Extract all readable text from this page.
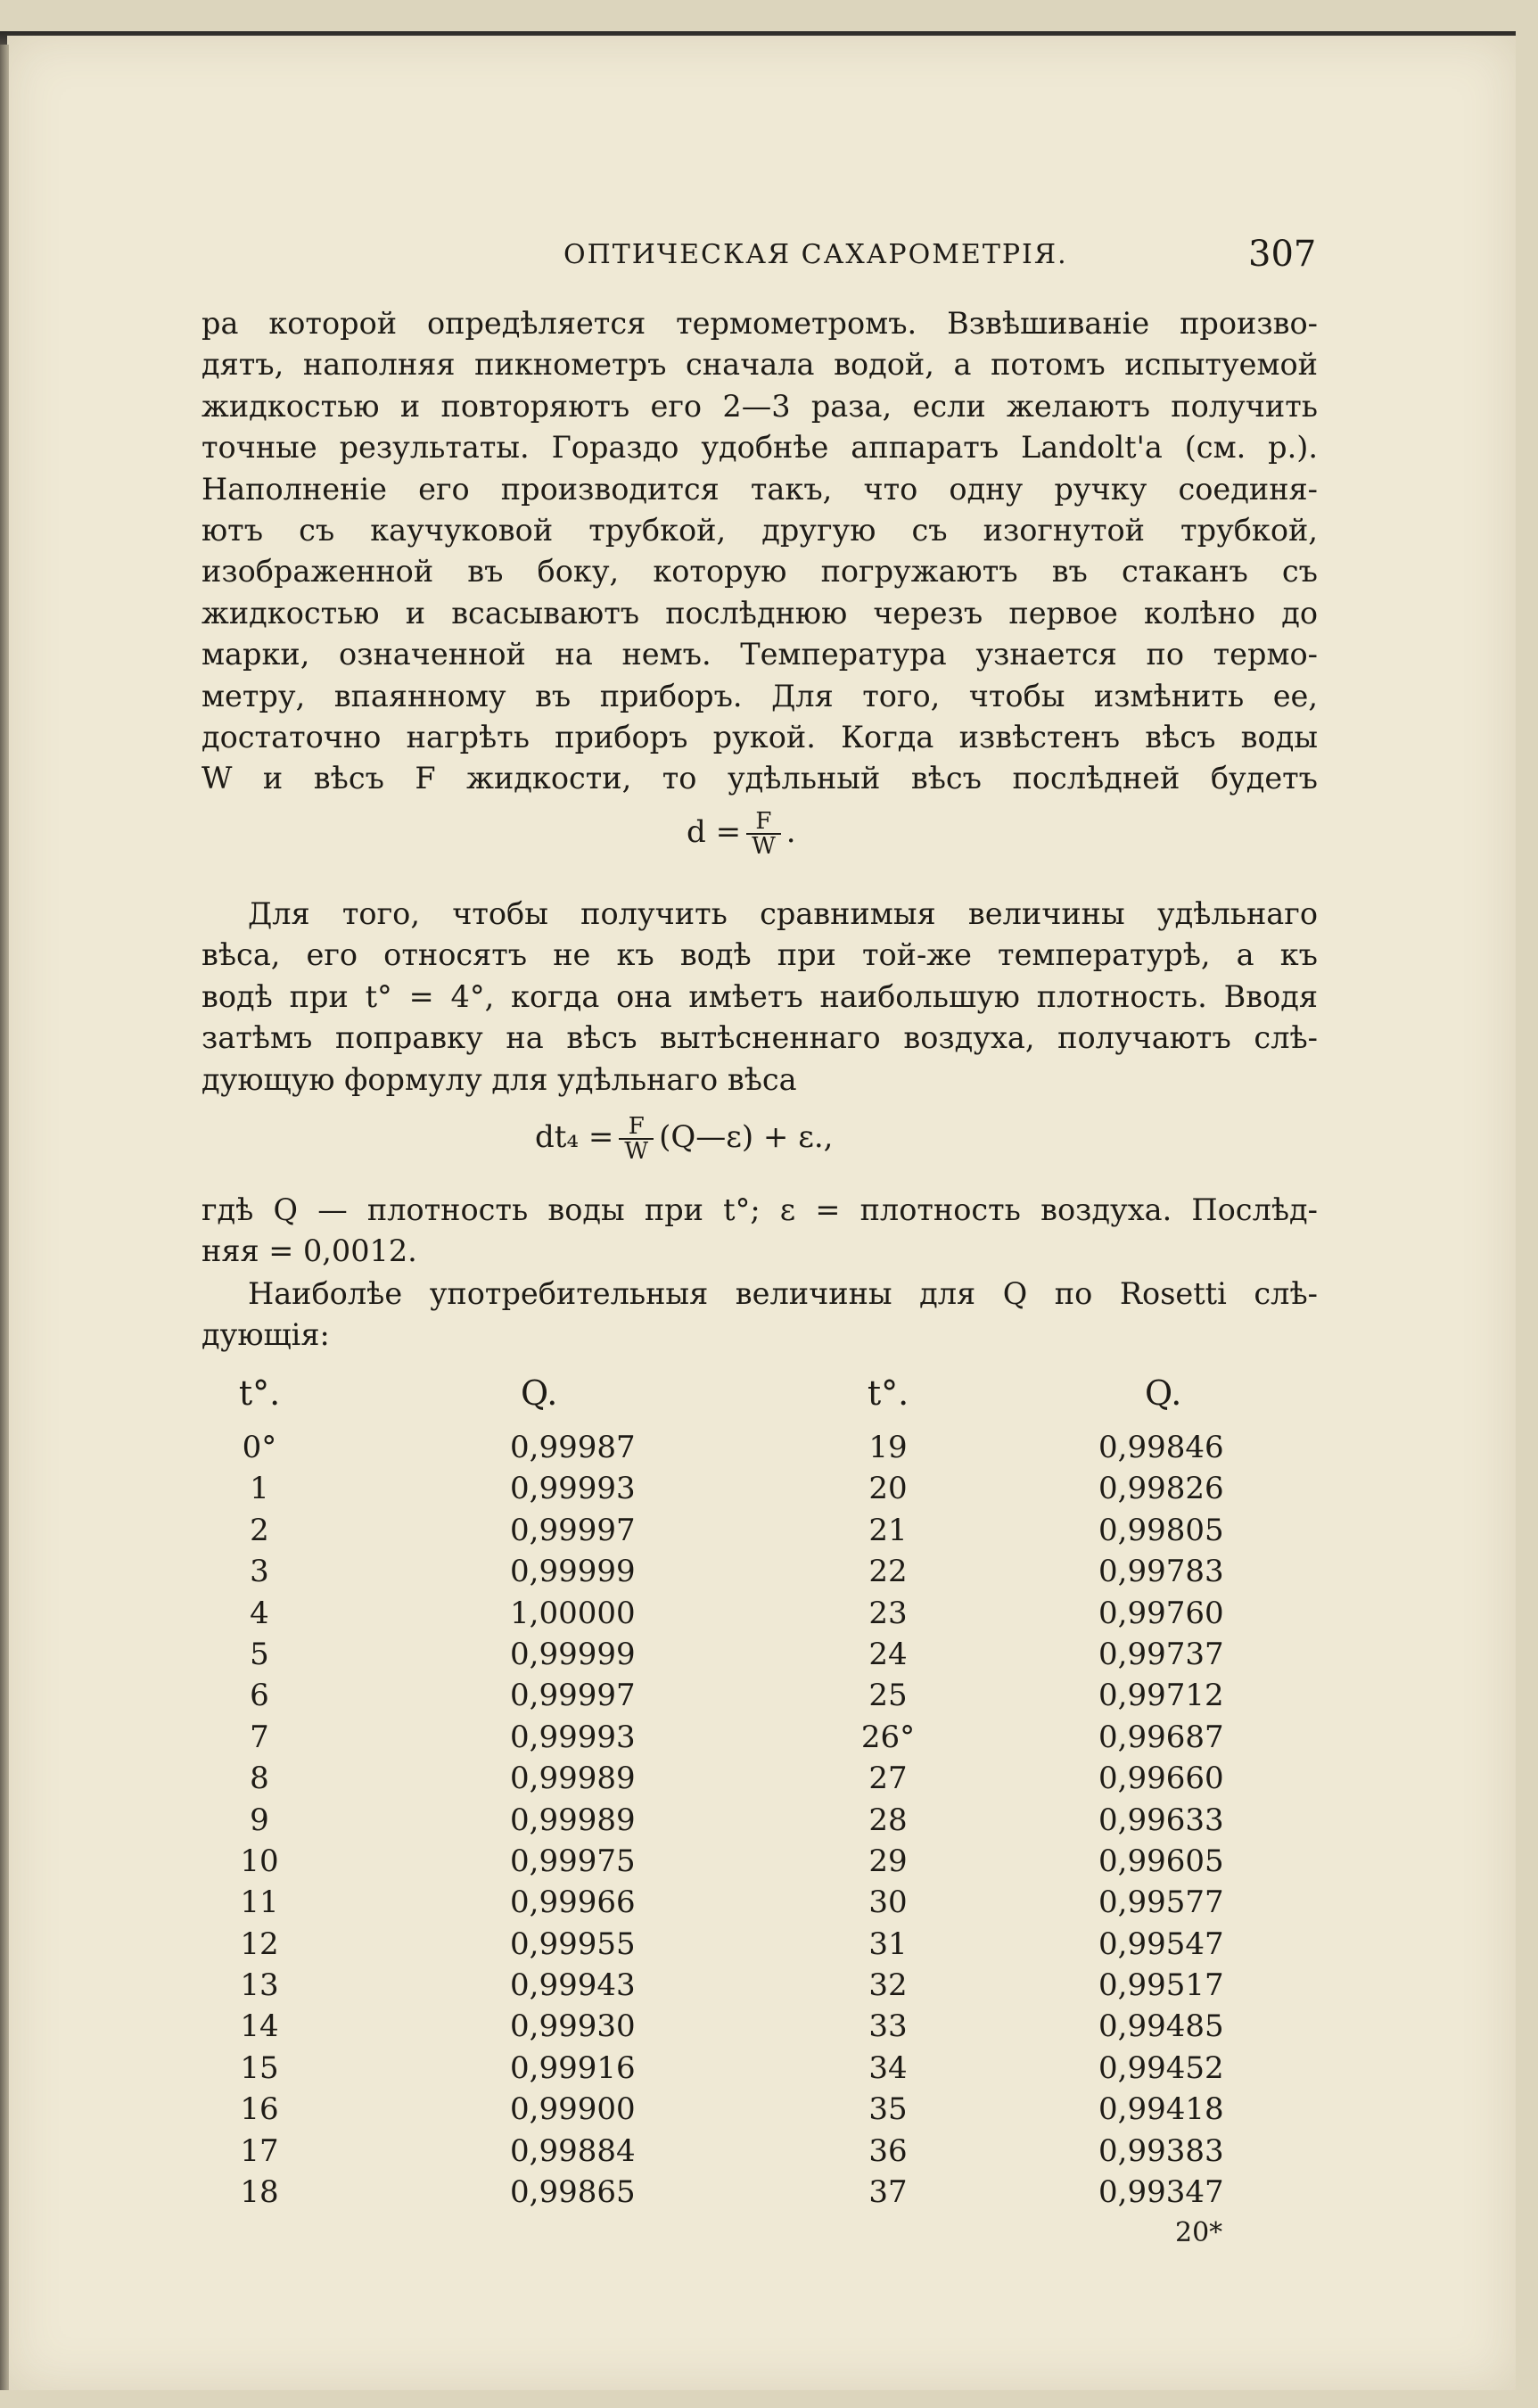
ОПТИЧЕСКАЯ САХАРОМЕТРІЯ.	307
ра которой опредѣляется термометромъ. Взвѣшиваніе произво-
дятъ, наполняя пикнометръ сначала водой, а потомъ испытуемой
жидкостью и повторяютъ его 2—3 раза, если желаютъ получить
точные результаты. Гораздо удобнѣе аппаратъ Landolt'a (см. р.).
Наполненіе его производится такъ, что одну ручку соединя-
ютъ съ каучуковой трубкой, другую съ изогнутой трубкой,
изображенной въ боку, которую погружаютъ въ стаканъ съ
жидкостью и всасываютъ послѣднюю черезъ первое колѣно до
марки, означенной на немъ. Температура узнается по термо-
метру, впаянному въ приборъ. Для того, чтобы измѣнить ее,
достаточно нагрѣть приборъ рукой. Когда извѣстенъ вѣсъ воды
W и вѣсъ F жидкости, то удѣльный вѣсъ послѣдней будетъ
$d = \frac{F}{W}$ .
Для того, чтобы получить сравнимыя величины удѣльнаго
вѣса, его относятъ не къ водѣ при той-же температурѣ, а къ
водѣ при t° = 4°, когда она имѣетъ наибольшую плотность. Вводя
затѣмъ поправку на вѣсъ вытѣсненнаго воздуха, получаютъ слѣ-
дующую формулу для удѣльнаго вѣса
$dt_4 = \frac{F}{W}$ (Q—ε) + ε.,
гдѣ Q — плотность воды при t°; ε = плотность воздуха. Послѣд-
няя = 0,0012.
Наиболѣе употребительныя величины для Q по Rosetti слѣ-
дующія:
t°.	Q.	t°.	Q.
0°	0,99987	19	0,99846
1	0,99993	20	0,99826
2	0,99997	21	0,99805
3	0,99999	22	0,99783
4	1,00000	23	0,99760
5	0,99999	24	0,99737
6	0,99997	25	0,99712
7	0,99993	26°	0,99687
8	0,99989	27	0,99660
9	0,99989	28	0,99633
10	0,99975	29	0,99605
11	0,99966	30	0,99577
12	0,99955	31	0,99547
13	0,99943	32	0,99517
14	0,99930	33	0,99485
15	0,99916	34	0,99452
16	0,99900	35	0,99418
17	0,99884	36	0,99383
18	0,99865	37	0,99347
20*
